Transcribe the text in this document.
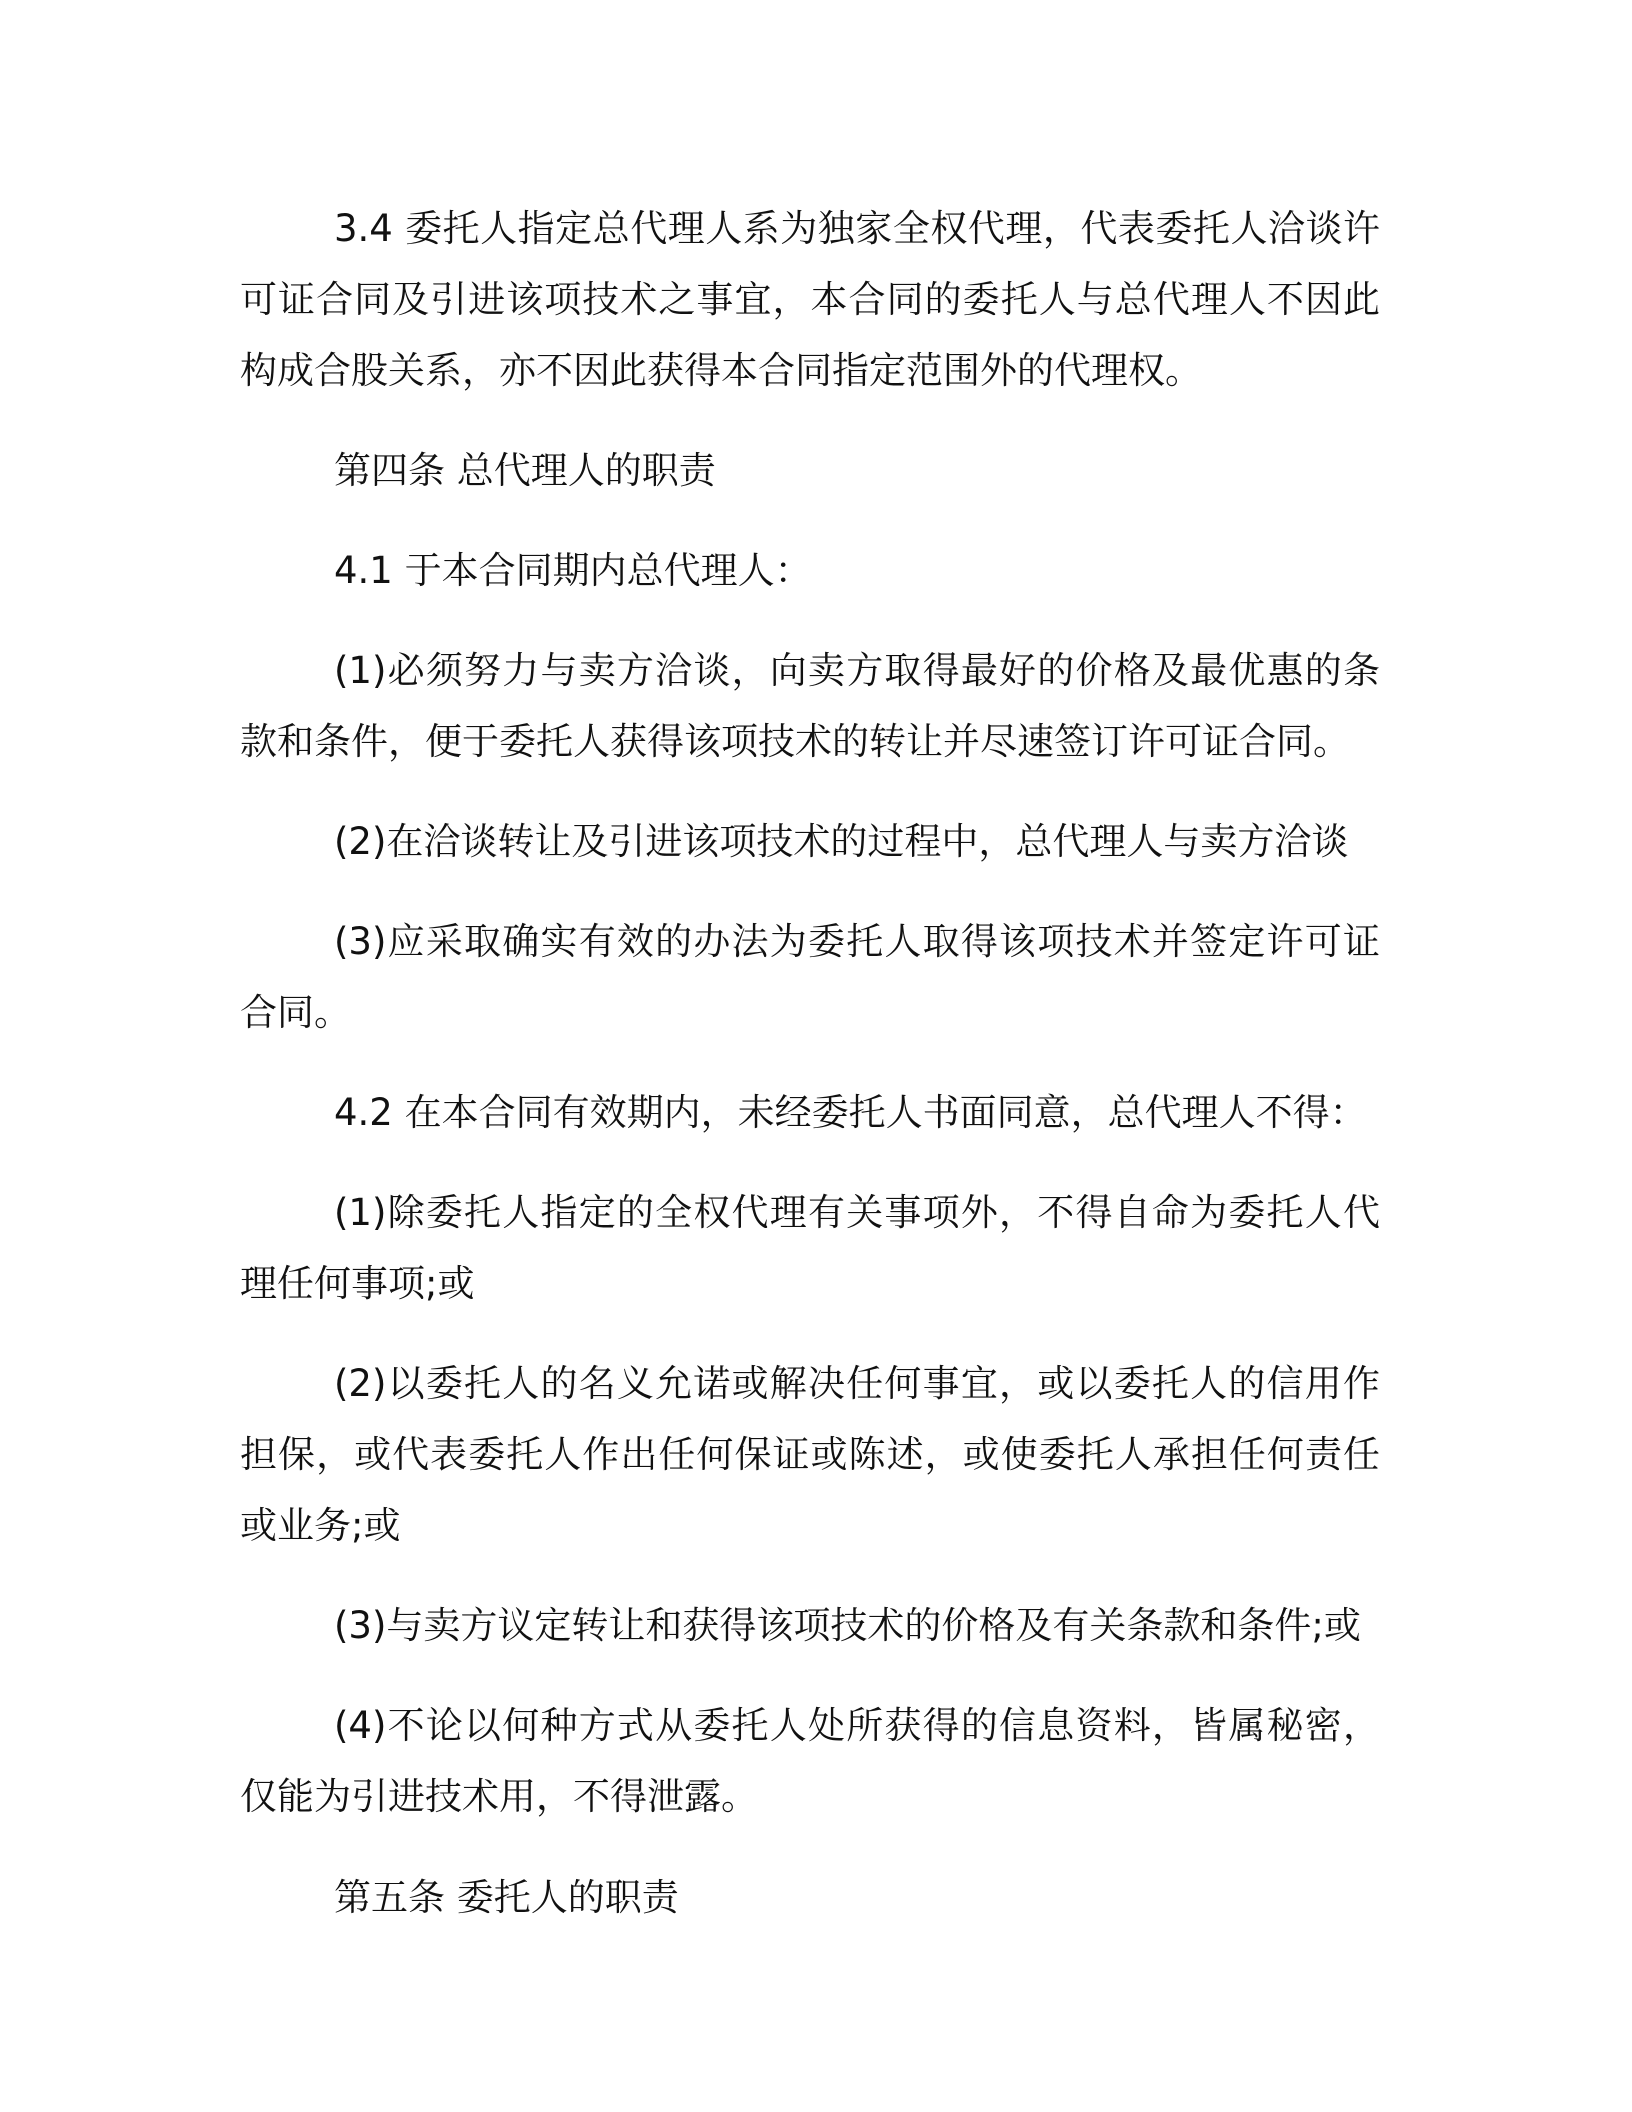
3.4 委托人指定总代理人系为独家全权代理，代表委托人洽谈许可证合同及引进该项技术之事宜，本合同的委托人与总代理人不因此构成合股关系，亦不因此获得本合同指定范围外的代理权。

第四条 总代理人的职责

4.1 于本合同期内总代理人：

(1)必须努力与卖方洽谈，向卖方取得最好的价格及最优惠的条款和条件，便于委托人获得该项技术的转让并尽速签订许可证合同。

(2)在洽谈转让及引进该项技术的过程中，总代理人与卖方洽谈

(3)应采取确实有效的办法为委托人取得该项技术并签定许可证合同。

4.2 在本合同有效期内，未经委托人书面同意，总代理人不得：

(1)除委托人指定的全权代理有关事项外，不得自命为委托人代理任何事项;或

(2)以委托人的名义允诺或解决任何事宜，或以委托人的信用作担保，或代表委托人作出任何保证或陈述，或使委托人承担任何责任或业务;或

(3)与卖方议定转让和获得该项技术的价格及有关条款和条件;或

(4)不论以何种方式从委托人处所获得的信息资料，皆属秘密，仅能为引进技术用，不得泄露。

第五条 委托人的职责
